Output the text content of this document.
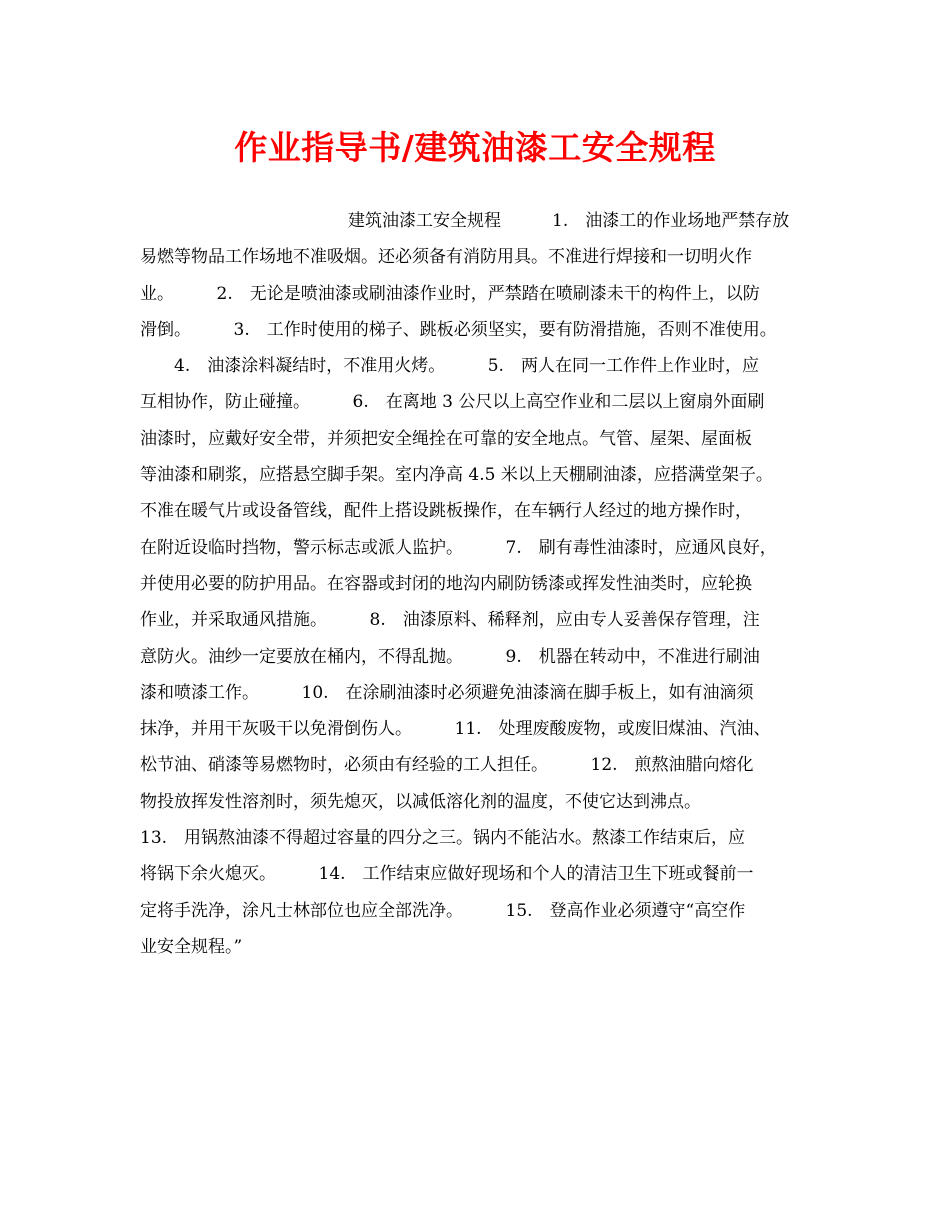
作业指导书/建筑油漆工安全规程
建筑油漆工安全规程　　　1.　油漆工的作业场地严禁存放
易燃等物品工作场地不准吸烟。还必须备有消防用具。不准进行焊接和一切明火作
业。　　　2.　无论是喷油漆或刷油漆作业时，严禁踏在喷刷漆未干的构件上，以防
滑倒。　　　3.　工作时使用的梯子、跳板必须坚实，要有防滑措施，否则不准使用。
　　4.　油漆涂料凝结时，不准用火烤。　　　5.　两人在同一工作件上作业时，应
互相协作，防止碰撞。　　　6.　在离地 3 公尺以上高空作业和二层以上窗扇外面刷
油漆时，应戴好安全带，并须把安全绳拴在可靠的安全地点。气管、屋架、屋面板
等油漆和刷浆，应搭悬空脚手架。室内净高 4.5 米以上天棚刷油漆，应搭满堂架子。
不准在暖气片或设备管线，配件上搭设跳板操作，在车辆行人经过的地方操作时，
在附近设临时挡物，警示标志或派人监护。　　　7.　刷有毒性油漆时，应通风良好，
并使用必要的防护用品。在容器或封闭的地沟内刷防锈漆或挥发性油类时，应轮换
作业，并采取通风措施。　　　8.　油漆原料、稀释剂，应由专人妥善保存管理，注
意防火。油纱一定要放在桶内，不得乱抛。　　　9.　机器在转动中，不准进行刷油
漆和喷漆工作。　　　10.　在涂刷油漆时必须避免油漆滴在脚手板上，如有油滴须
抹净，并用干灰吸干以免滑倒伤人。　　　11.　处理废酸废物，或废旧煤油、汽油、
松节油、硝漆等易燃物时，必须由有经验的工人担任。　　　12.　煎熬油腊向熔化
物投放挥发性溶剂时，须先熄灭，以减低溶化剂的温度，不使它达到沸点。
13.　用锅熬油漆不得超过容量的四分之三。锅内不能沾水。熬漆工作结束后，应
将锅下余火熄灭。　　　14.　工作结束应做好现场和个人的清洁卫生下班或餐前一
定将手洗净，涂凡士林部位也应全部洗净。　　　15.　登高作业必须遵守“高空作
业安全规程。”
